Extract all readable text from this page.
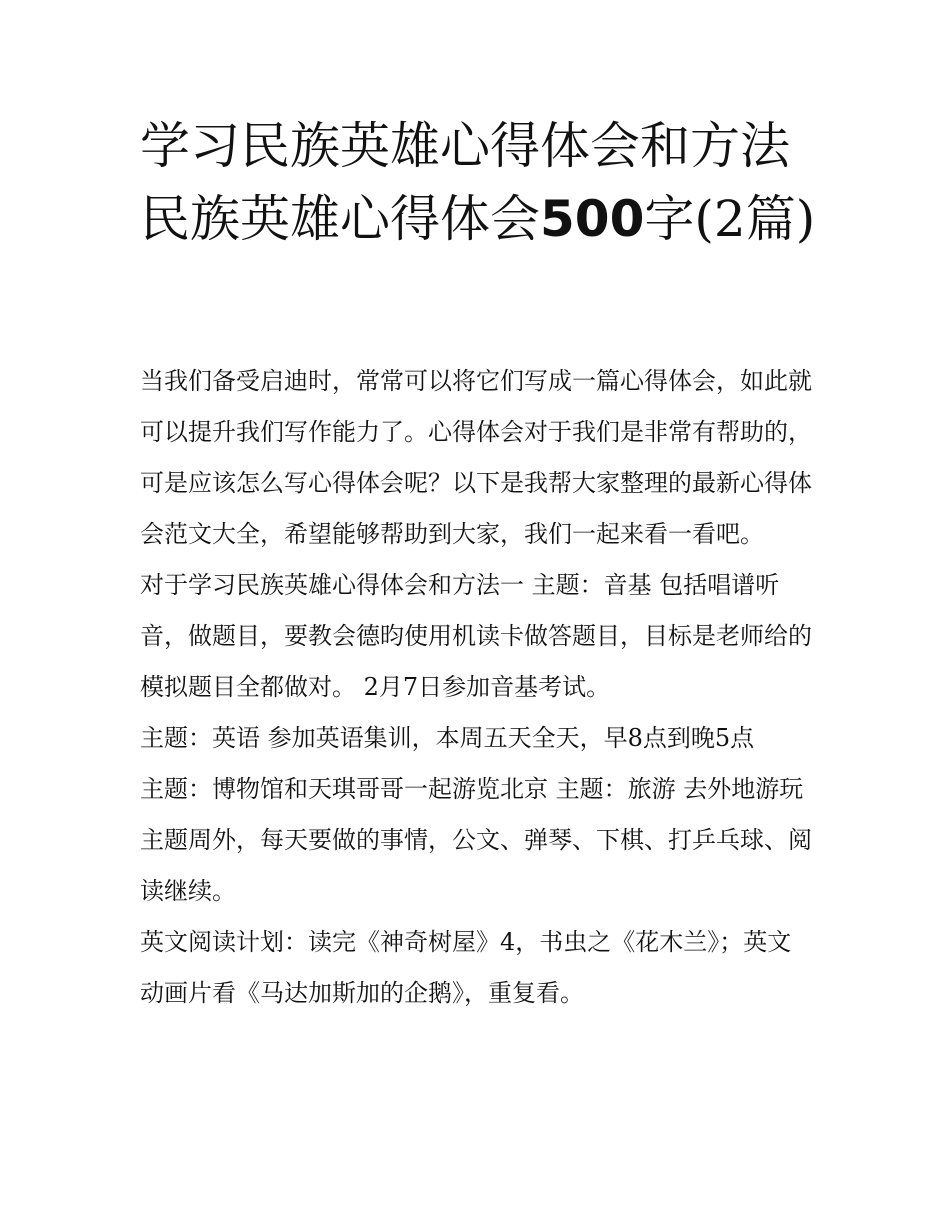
学习民族英雄心得体会和方法民族英雄心得体会500字(2篇)

当我们备受启迪时，常常可以将它们写成一篇心得体会，如此就可以提升我们写作能力了。心得体会对于我们是非常有帮助的，可是应该怎么写心得体会呢？以下是我帮大家整理的最新心得体会范文大全，希望能够帮助到大家，我们一起来看一看吧。

对于学习民族英雄心得体会和方法一 主题：音基 包括唱谱听音，做题目，要教会德昀使用机读卡做答题目，目标是老师给的模拟题目全都做对。 2月7日参加音基考试。

主题：英语 参加英语集训，本周五天全天，早8点到晚5点

主题：博物馆和天琪哥哥一起游览北京 主题：旅游 去外地游玩

主题周外，每天要做的事情，公文、弹琴、下棋、打乒乓球、阅读继续。

英文阅读计划：读完《神奇树屋》4，书虫之《花木兰》；英文动画片看《马达加斯加的企鹅》，重复看。
